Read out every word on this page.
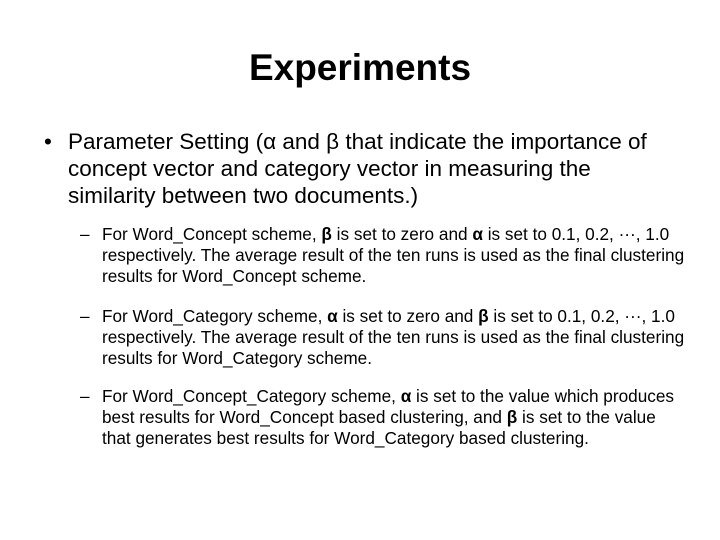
Experiments
• Parameter Setting (α and β that indicate the importance of concept vector and category vector in measuring the similarity between two documents.)
– For Word_Concept scheme, β is set to zero and α is set to 0.1, 0.2, ···, 1.0 respectively. The average result of the ten runs is used as the final clustering results for Word_Concept scheme.
– For Word_Category scheme, α is set to zero and β is set to 0.1, 0.2, ···, 1.0 respectively. The average result of the ten runs is used as the final clustering results for Word_Category scheme.
– For Word_Concept_Category scheme, α is set to the value which produces best results for Word_Concept based clustering, and β is set to the value that generates best results for Word_Category based clustering.
